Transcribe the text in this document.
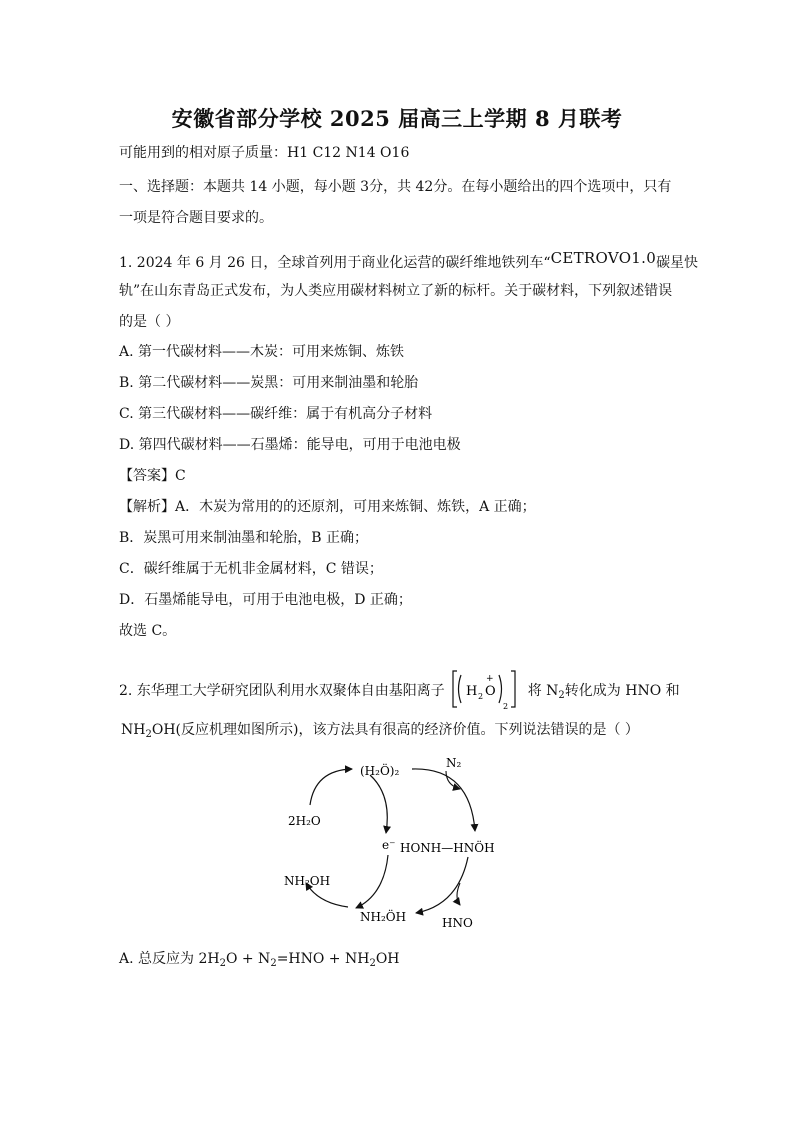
安徽省部分学校 2025 届高三上学期 8 月联考
可能用到的相对原子质量：H1 C12 N14 O16
一、选择题：本题共 14 小题，每小题 3分，共 42分。在每小题给出的四个选项中，只有
一项是符合题目要求的。
1. 2024 年 6 月 26 日，全球首列用于商业化运营的碳纤维地铁列车“CETROVO1.0碳星快
轨”在山东青岛正式发布，为人类应用碳材料树立了新的标杆。关于碳材料，下列叙述错误
的是（ ）
A. 第一代碳材料——木炭：可用来炼铜、炼铁
B. 第二代碳材料——炭黑：可用来制油墨和轮胎
C. 第三代碳材料——碳纤维：属于有机高分子材料
D. 第四代碳材料——石墨烯：能导电，可用于电池电极
【答案】C
【解析】A．木炭为常用的的还原剂，可用来炼铜、炼铁，A 正确；
B．炭黑可用来制油墨和轮胎，B 正确；
C．碳纤维属于无机非金属材料，C 错误；
D．石墨烯能导电，可用于电池电极，D 正确；
故选 C。
2. 东华理工大学研究团队利用水双聚体自由基阳离子 H 2 O
+
2
将 $N_2$转化成为 HNO 和
$NH_2OH$(反应机理如图所示)，该方法具有很高的经济价值。下列说法错误的是（ ）
(H₂Ö)₂
N₂
2H₂O
e⁻ HONH—HNÖH
NH₂OH
NH₂ÖH	HNO
A. 总反应为 $2H_2O + N_2=HNO + NH_2OH$
